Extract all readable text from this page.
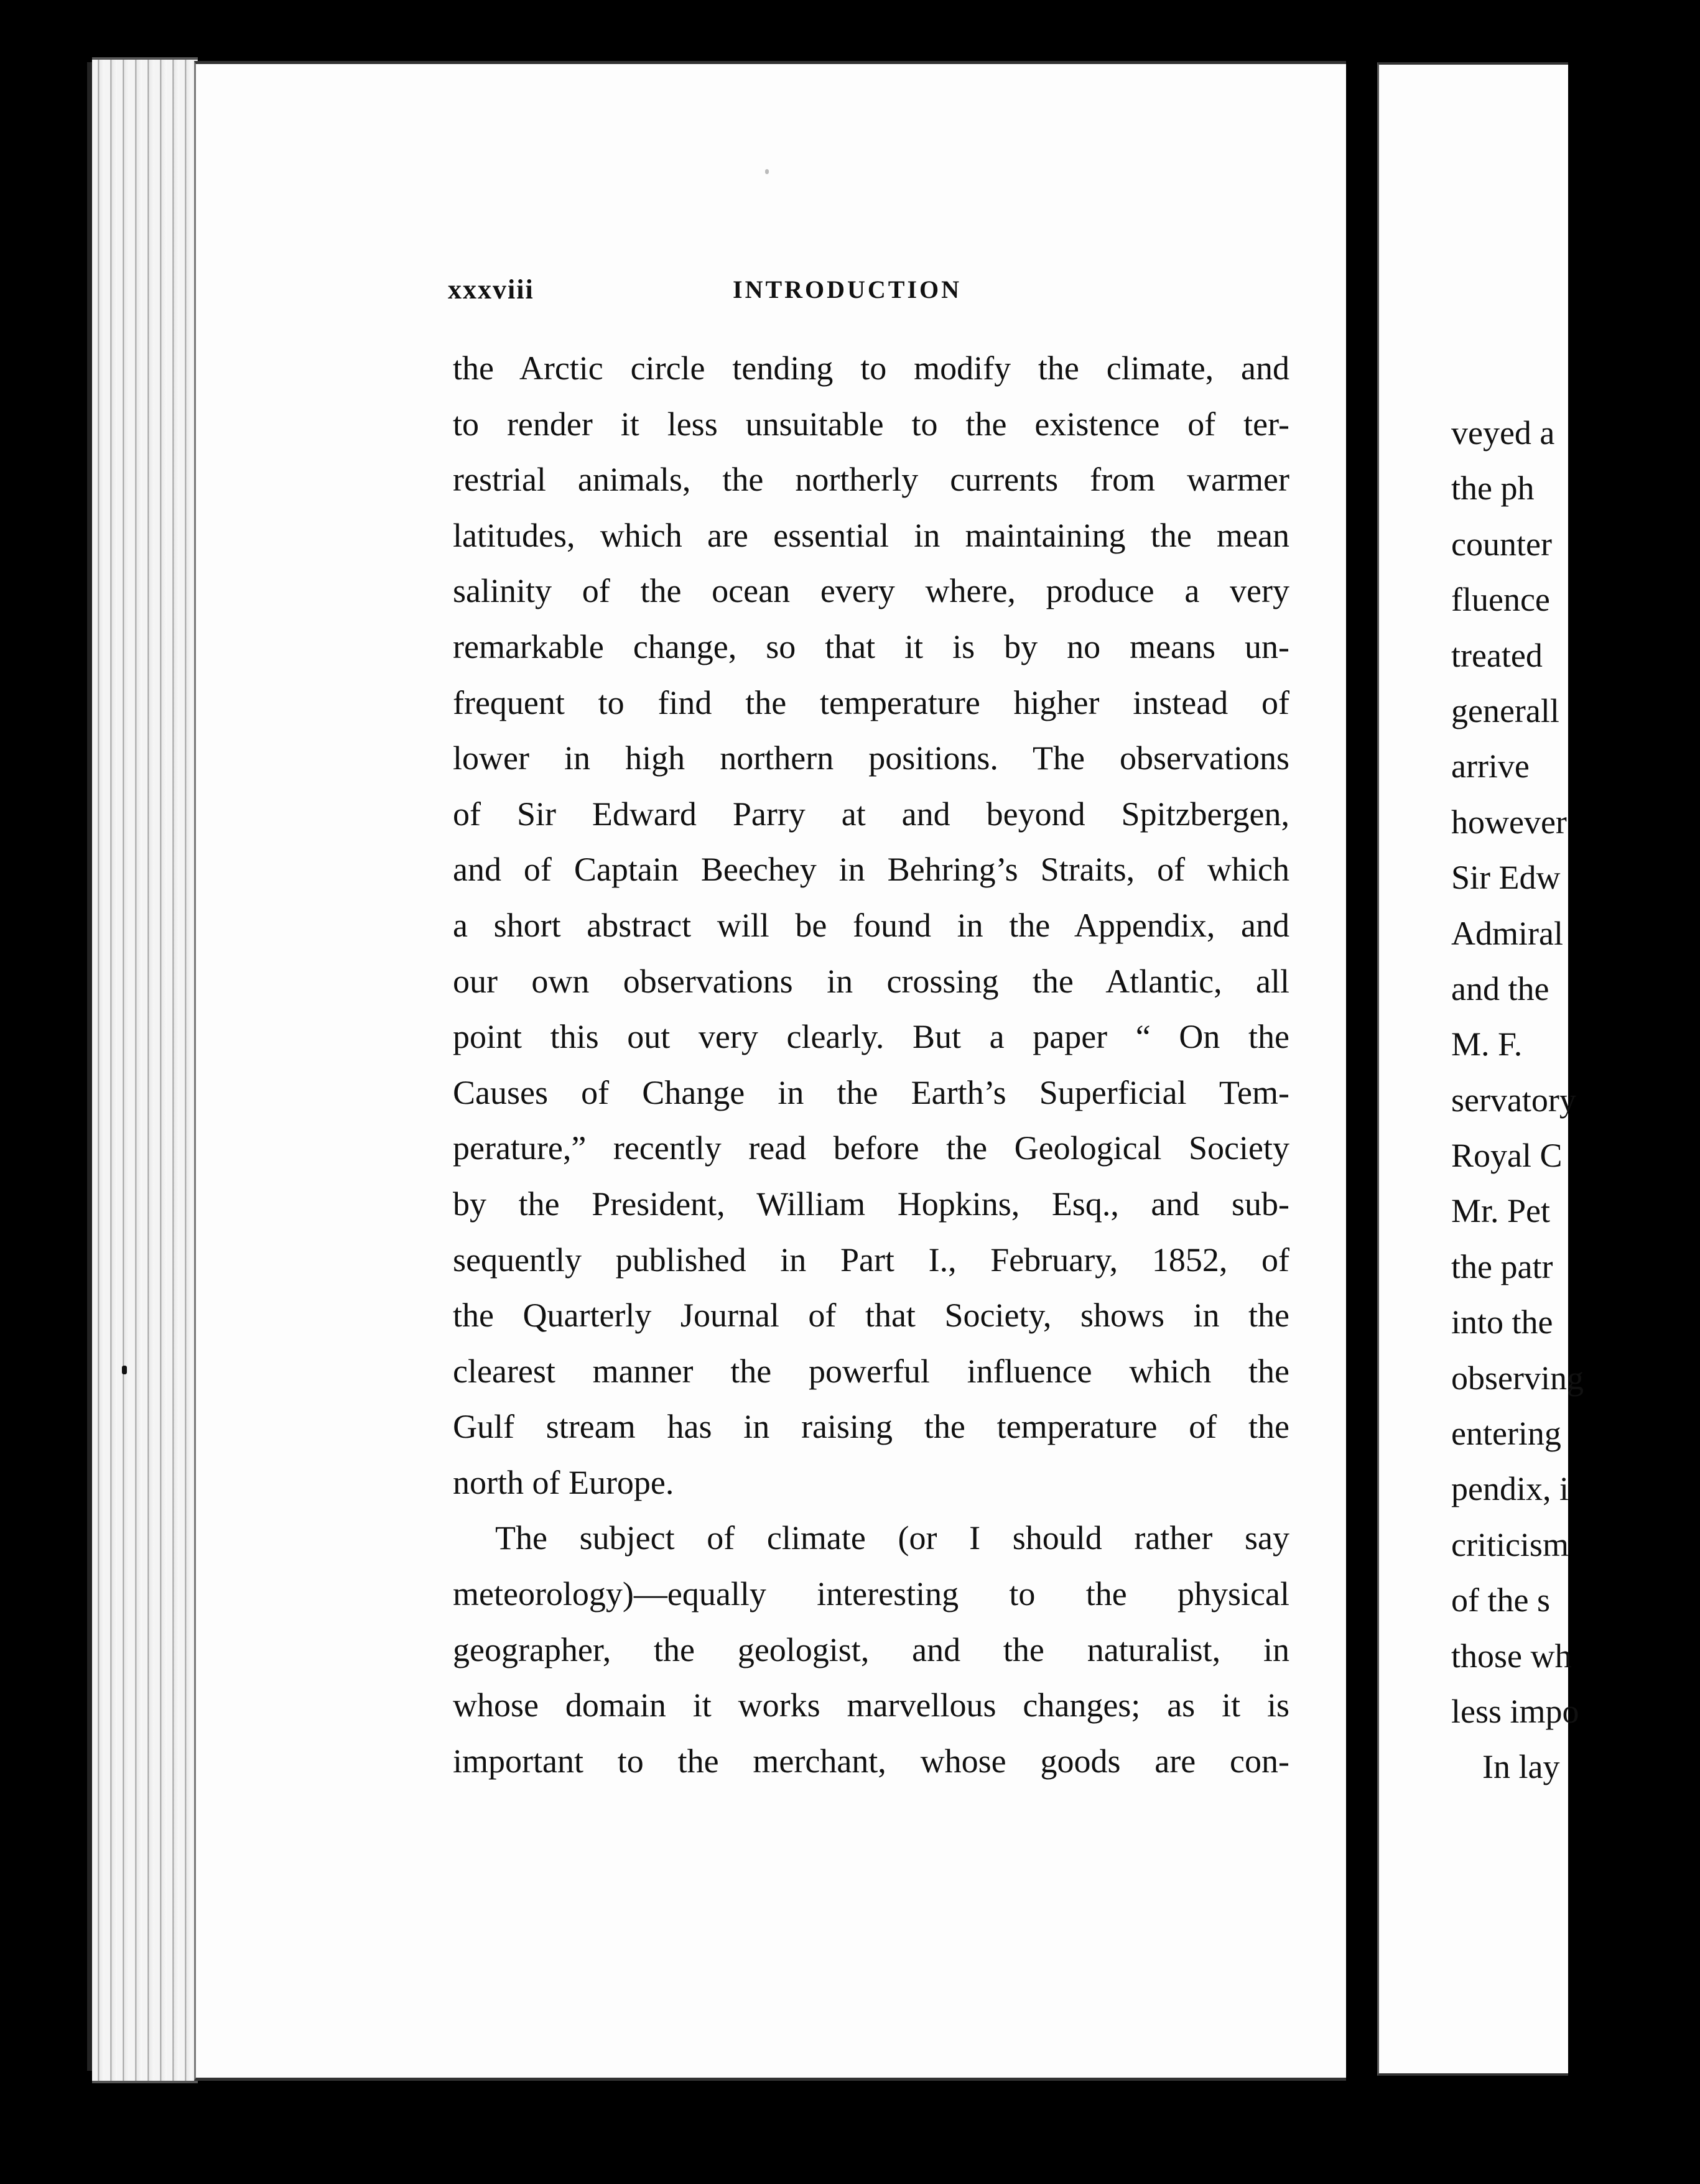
xxxviii	INTRODUCTION
the Arctic circle tending to modify the climate, and
to render it less unsuitable to the existence of ter-
restrial animals, the northerly currents from warmer
latitudes, which are essential in maintaining the mean
salinity of the ocean every where, produce a very
remarkable change, so that it is by no means un-
frequent to find the temperature higher instead of
lower in high northern positions. The observations
of Sir Edward Parry at and beyond Spitzbergen,
and of Captain Beechey in Behring’s Straits, of which
a short abstract will be found in the Appendix, and
our own observations in crossing the Atlantic, all
point this out very clearly. But a paper “ On the
Causes of Change in the Earth’s Superficial Tem-
perature,” recently read before the Geological Society
by the President, William Hopkins, Esq., and sub-
sequently published in Part I., February, 1852, of
the Quarterly Journal of that Society, shows in the
clearest manner the powerful influence which the
Gulf stream has in raising the temperature of the
north of Europe.
The subject of climate (or I should rather say
meteorology)—equally interesting to the physical
geographer, the geologist, and the naturalist, in
whose domain it works marvellous changes; as it is
important to the merchant, whose goods are con-
veyed a
the ph
counter
fluence
treated
generall
arrive
however
Sir Edw
Admiral
and the
M. F.
servatory
Royal C
Mr. Pet
the patr
into the
observing
entering
pendix, i
criticism
of the s
those wh
less impo
In lay
